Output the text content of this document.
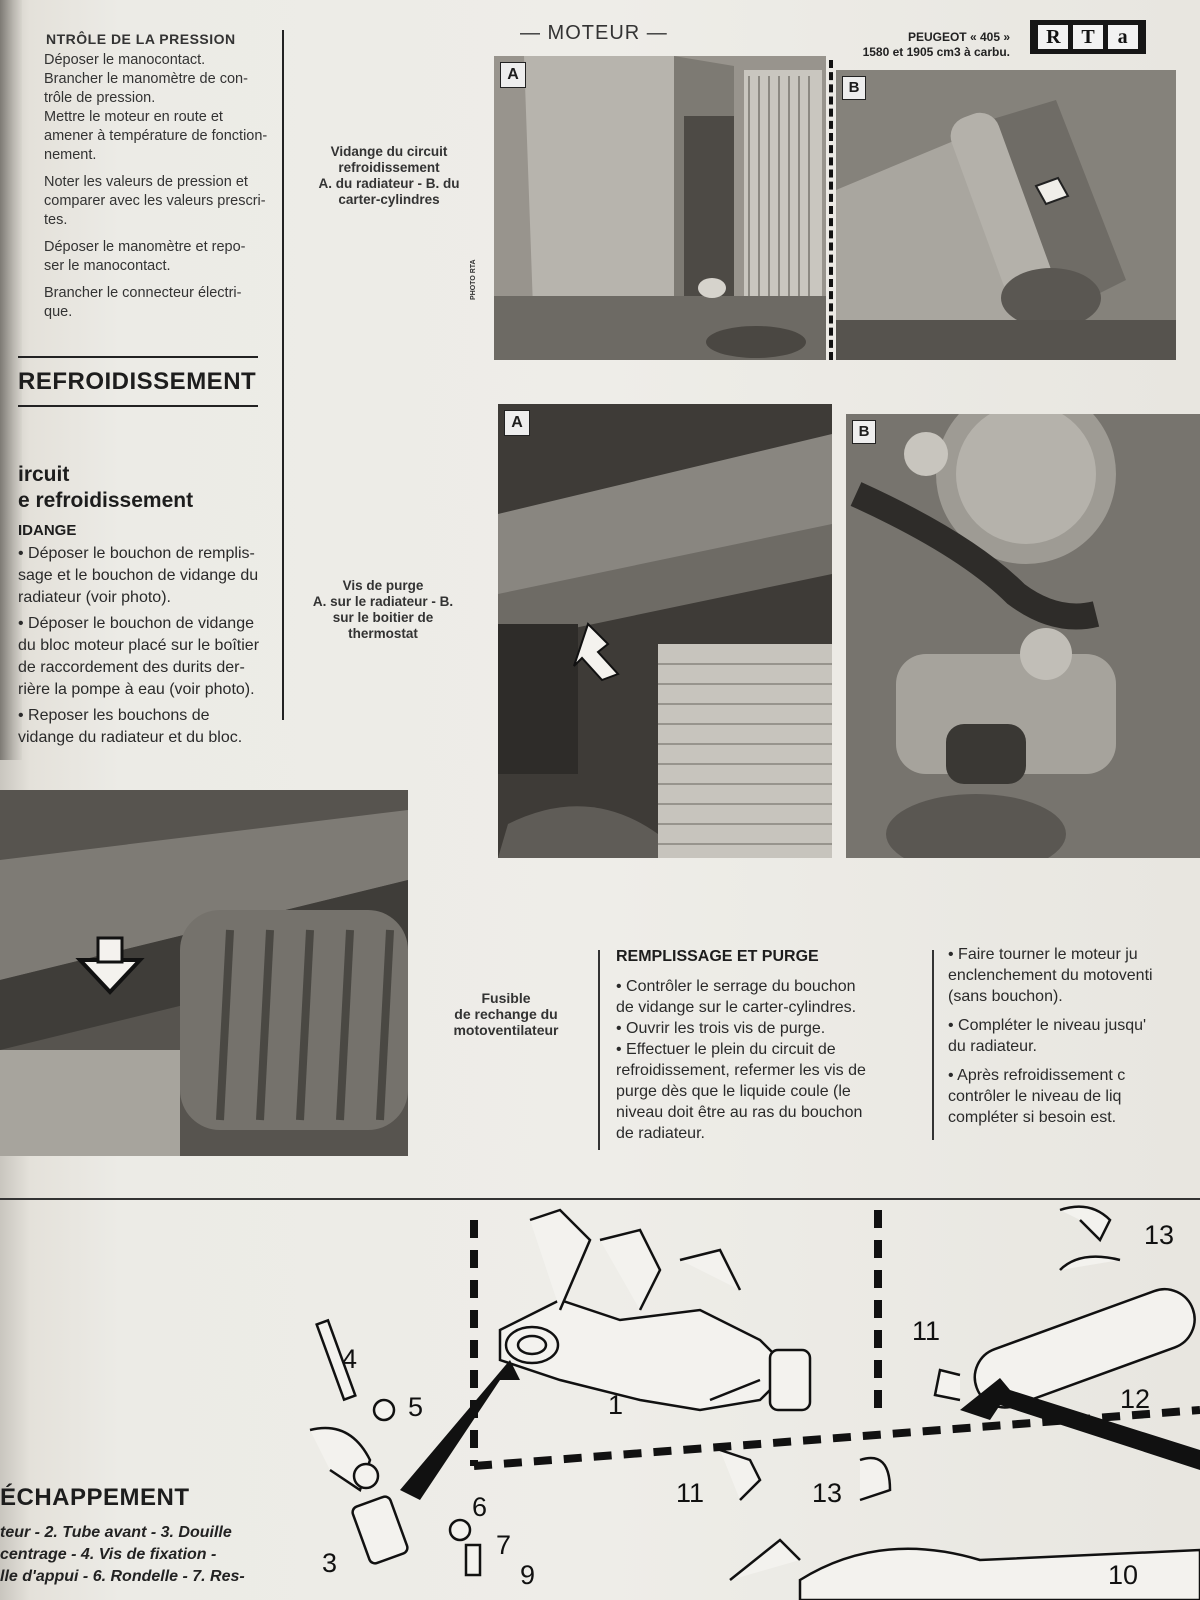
— MOTEUR —	PEUGEOT « 405 »
1580 et 1905 cm3 à carbu.
R	T	a
NTRÔLE DE LA PRESSION
Déposer le manocontact.
Brancher le manomètre de con-
trôle de pression.
Mettre le moteur en route et
amener à température de fonction-
nement.
Noter les valeurs de pression et
comparer avec les valeurs prescri-
tes.
Déposer le manomètre et repo-
ser le manocontact.
Brancher le connecteur électri-
que.
REFROIDISSEMENT
ircuit
e refroidissement
IDANGE

• Déposer le bouchon de remplis-

sage et le bouchon de vidange du

radiateur (voir photo).

• Déposer le bouchon de vidange

du bloc moteur placé sur le boîtier

de raccordement des durits der-

rière la pompe à eau (voir photo).

• Reposer les bouchons de

vidange du radiateur et du bloc.

Vidange du circuit
refroidissement
A. du radiateur - B. du
carter-cylindres
PHOTO RTA
Vis de purge
A. sur le radiateur - B.
sur le boitier de
thermostat
Fusible
de rechange du
motoventilateur
A
B
A
B
REMPLISSAGE ET PURGE

• Contrôler le serrage du bouchon

de vidange sur le carter-cylindres.

• Ouvrir les trois vis de purge.

• Effectuer le plein du circuit de

refroidissement, refermer les vis de

purge dès que le liquide coule (le

niveau doit être au ras du bouchon

de radiateur.

• Faire tourner le moteur ju

enclenchement du motoventi

(sans bouchon).

• Compléter le niveau jusqu'

du radiateur.

• Après refroidissement c

contrôler le niveau de liq

compléter si besoin est.

4
5	1
11
12
13
6
7
3	9
11	13
10
ÉCHAPPEMENT
teur - 2. Tube avant - 3. Douille
centrage - 4. Vis de fixation -
lle d'appui - 6. Rondelle - 7. Res-
